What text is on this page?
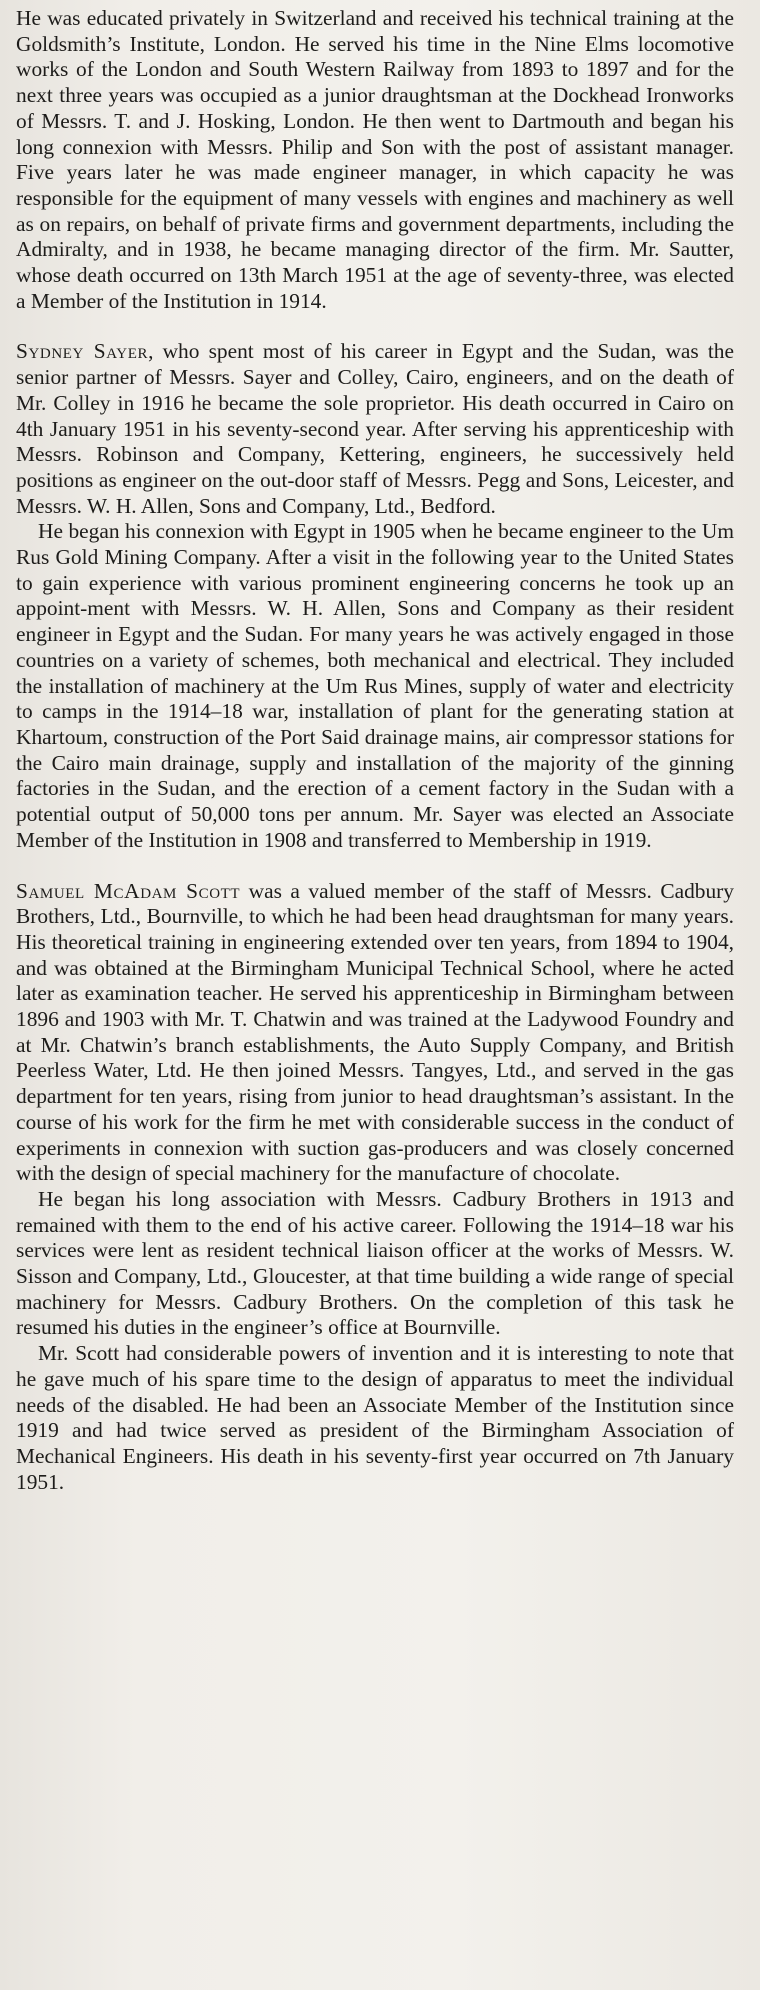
He was educated privately in Switzerland and received his technical training at the Goldsmith’s Institute, London. He served his time in the Nine Elms locomotive works of the London and South Western Railway from 1893 to 1897 and for the next three years was occupied as a junior draughtsman at the Dockhead Ironworks of Messrs. T. and J. Hosking, London. He then went to Dartmouth and began his long connexion with Messrs. Philip and Son with the post of assistant manager. Five years later he was made engineer manager, in which capacity he was responsible for the equipment of many vessels with engines and machinery as well as on repairs, on behalf of private firms and government departments, including the Admiralty, and in 1938, he became managing director of the firm. Mr. Sautter, whose death occurred on 13th March 1951 at the age of seventy-three, was elected a Member of the Institution in 1914.

Sydney Sayer, who spent most of his career in Egypt and the Sudan, was the senior partner of Messrs. Sayer and Colley, Cairo, engineers, and on the death of Mr. Colley in 1916 he became the sole proprietor. His death occurred in Cairo on 4th January 1951 in his seventy-second year. After serving his apprenticeship with Messrs. Robinson and Company, Kettering, engineers, he successively held positions as engineer on the out-door staff of Messrs. Pegg and Sons, Leicester, and Messrs. W. H. Allen, Sons and Company, Ltd., Bedford.

He began his connexion with Egypt in 1905 when he became engineer to the Um Rus Gold Mining Company. After a visit in the following year to the United States to gain experience with various prominent engineering concerns he took up an appoint-ment with Messrs. W. H. Allen, Sons and Company as their resident engineer in Egypt and the Sudan. For many years he was actively engaged in those countries on a variety of schemes, both mechanical and electrical. They included the installation of machinery at the Um Rus Mines, supply of water and electricity to camps in the 1914–18 war, installation of plant for the generating station at Khartoum, construction of the Port Said drainage mains, air compressor stations for the Cairo main drainage, supply and installation of the majority of the ginning factories in the Sudan, and the erection of a cement factory in the Sudan with a potential output of 50,000 tons per annum. Mr. Sayer was elected an Associate Member of the Institution in 1908 and transferred to Membership in 1919.

Samuel McAdam Scott was a valued member of the staff of Messrs. Cadbury Brothers, Ltd., Bournville, to which he had been head draughtsman for many years. His theoretical training in engineering extended over ten years, from 1894 to 1904, and was obtained at the Birmingham Municipal Technical School, where he acted later as examination teacher. He served his apprenticeship in Birmingham between 1896 and 1903 with Mr. T. Chatwin and was trained at the Ladywood Foundry and at Mr. Chatwin’s branch establishments, the Auto Supply Company, and British Peerless Water, Ltd. He then joined Messrs. Tangyes, Ltd., and served in the gas department for ten years, rising from junior to head draughtsman’s assistant. In the course of his work for the firm he met with considerable success in the conduct of experiments in connexion with suction gas-producers and was closely concerned with the design of special machinery for the manufacture of chocolate.

He began his long association with Messrs. Cadbury Brothers in 1913 and remained with them to the end of his active career. Following the 1914–18 war his services were lent as resident technical liaison officer at the works of Messrs. W. Sisson and Company, Ltd., Gloucester, at that time building a wide range of special machinery for Messrs. Cadbury Brothers. On the completion of this task he resumed his duties in the engineer’s office at Bournville.

Mr. Scott had considerable powers of invention and it is interesting to note that he gave much of his spare time to the design of apparatus to meet the individual needs of the disabled. He had been an Associate Member of the Institution since 1919 and had twice served as president of the Birmingham Association of Mechanical Engineers. His death in his seventy-first year occurred on 7th January 1951.
